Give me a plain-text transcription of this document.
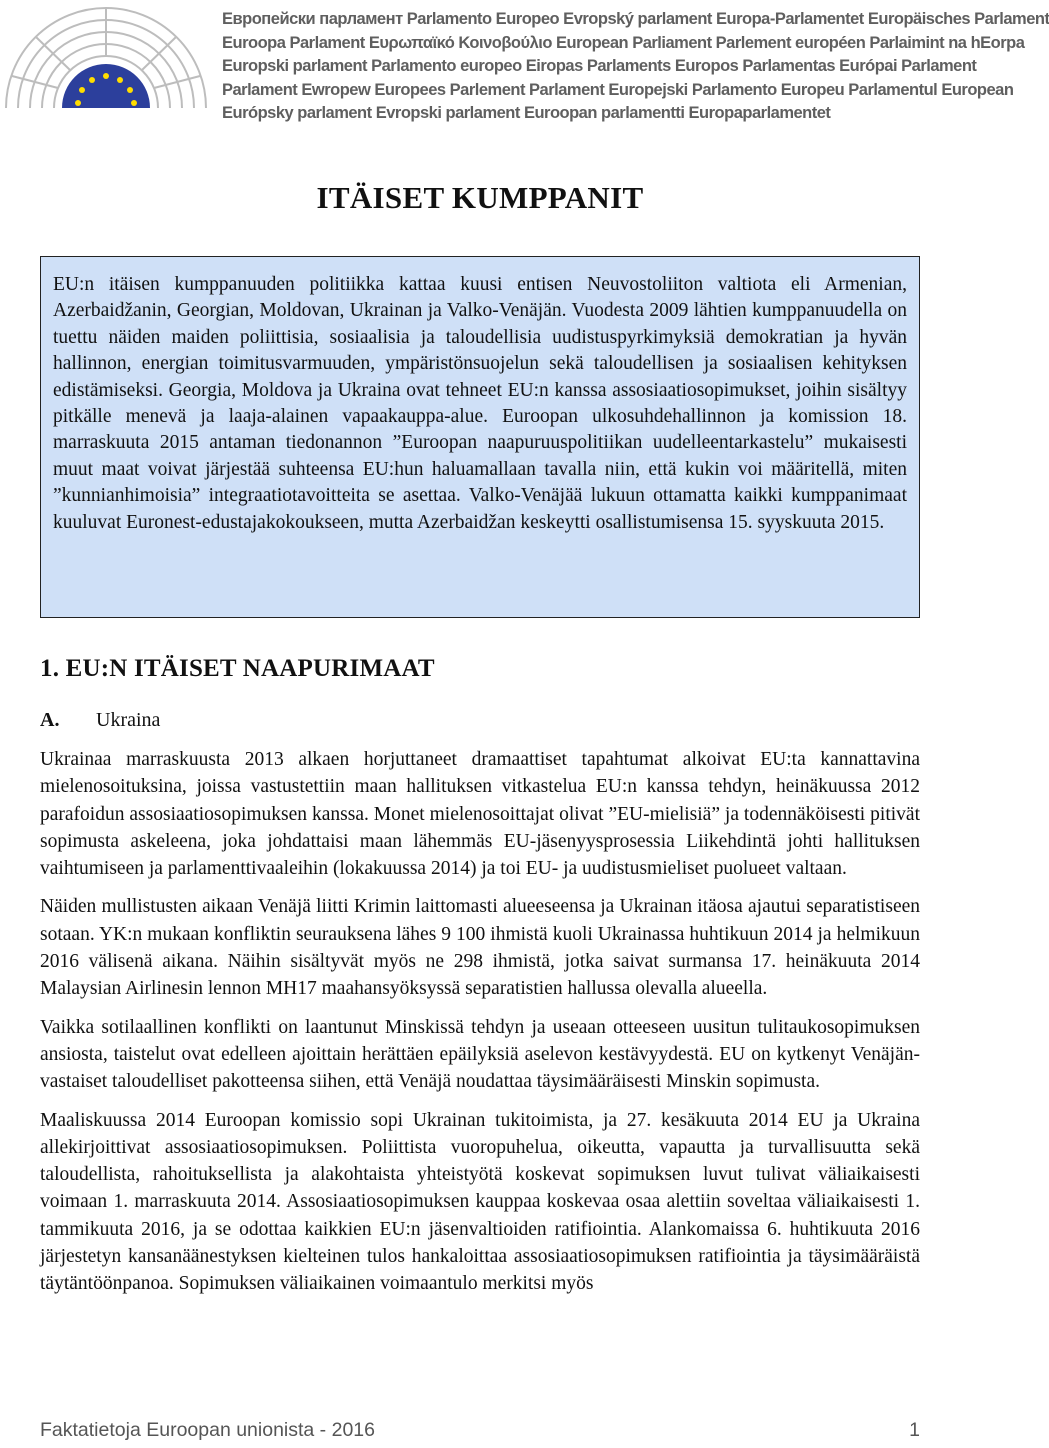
Европейски парламент Parlamento Europeo Evropský parlament Europa-Parlamentet Europäisches Parlament
Euroopa Parlament Ευρωπαϊκό Κοινοβούλιο European Parliament Parlement européen Parlaimint na hEorpa
Europski parlament Parlamento europeo Eiropas Parlaments Europos Parlamentas Európai Parlament
Parlament Ewropew Europees Parlement Parlament Europejski Parlamento Europeu Parlamentul European
Európsky parlament Evropski parlament Euroopan parlamentti Europaparlamentet
ITÄISET KUMPPANIT
EU:n itäisen kumppanuuden politiikka kattaa kuusi entisen Neuvostoliiton valtiota eli Armenian, Azerbaidžanin, Georgian, Moldovan, Ukrainan ja Valko-Venäjän. Vuodesta 2009 lähtien kumppanuudella on tuettu näiden maiden poliittisia, sosiaalisia ja taloudellisia uudistuspyrkimyksiä demokratian ja hyvän hallinnon, energian toimitusvarmuuden, ympäristönsuojelun sekä taloudellisen ja sosiaalisen kehityksen edistämiseksi. Georgia, Moldova ja Ukraina ovat tehneet EU:n kanssa assosiaatiosopimukset, joihin sisältyy pitkälle menevä ja laaja-alainen vapaakauppa-alue. Euroopan ulkosuhdehallinnon ja komission 18. marraskuuta 2015 antaman tiedonannon ”Euroopan naapuruuspolitiikan uudelleentarkastelu” mukaisesti muut maat voivat järjestää suhteensa EU:hun haluamallaan tavalla niin, että kukin voi määritellä, miten ”kunnianhimoisia” integraatiotavoitteita se asettaa. Valko-Venäjää lukuun ottamatta kaikki kumppanimaat kuuluvat Euronest-edustajakokoukseen, mutta Azerbaidžan keskeytti osallistumisensa 15. syyskuuta 2015.
1. EU:N ITÄISET NAAPURIMAAT
A. Ukraina

Ukrainaa marraskuusta 2013 alkaen horjuttaneet dramaattiset tapahtumat alkoivat EU:ta kannattavina mielenosoituksina, joissa vastustettiin maan hallituksen vitkastelua EU:n kanssa tehdyn, heinäkuussa 2012 parafoidun assosiaatiosopimuksen kanssa. Monet mielenosoittajat olivat ”EU-mielisiä” ja todennäköisesti pitivät sopimusta askeleena, joka johdattaisi maan lähemmäs EU-jäsenyysprosessia Liikehdintä johti hallituksen vaihtumiseen ja parlamenttivaaleihin (lokakuussa 2014) ja toi EU- ja uudistusmieliset puolueet valtaan.

Näiden mullistusten aikaan Venäjä liitti Krimin laittomasti alueeseensa ja Ukrainan itäosa ajautui separatistiseen sotaan. YK:n mukaan konfliktin seurauksena lähes 9 100 ihmistä kuoli Ukrainassa huhtikuun 2014 ja helmikuun 2016 välisenä aikana. Näihin sisältyvät myös ne 298 ihmistä, jotka saivat surmansa 17. heinäkuuta 2014 Malaysian Airlinesin lennon MH17 maahansyöksyssä separatistien hallussa olevalla alueella.

Vaikka sotilaallinen konflikti on laantunut Minskissä tehdyn ja useaan otteeseen uusitun tulitaukosopimuksen ansiosta, taistelut ovat edelleen ajoittain herättäen epäilyksiä aselevon kestävyydestä. EU on kytkenyt Venäjän-vastaiset taloudelliset pakotteensa siihen, että Venäjä noudattaa täysimääräisesti Minskin sopimusta.

Maaliskuussa 2014 Euroopan komissio sopi Ukrainan tukitoimista, ja 27. kesäkuuta 2014 EU ja Ukraina allekirjoittivat assosiaatiosopimuksen. Poliittista vuoropuhelua, oikeutta, vapautta ja turvallisuutta sekä taloudellista, rahoituksellista ja alakohtaista yhteistyötä koskevat sopimuksen luvut tulivat väliaikaisesti voimaan 1. marraskuuta 2014. Assosiaatiosopimuksen kauppaa koskevaa osaa alettiin soveltaa väliaikaisesti 1. tammikuuta 2016, ja se odottaa kaikkien EU:n jäsenvaltioiden ratifiointia. Alankomaissa 6. huhtikuuta 2016 järjestetyn kansanäänestyksen kielteinen tulos hankaloittaa assosiaatiosopimuksen ratifiointia ja täysimääräistä täytäntöönpanoa. Sopimuksen väliaikainen voimaantulo merkitsi myös

Faktatietoja Euroopan unionista - 2016	1
